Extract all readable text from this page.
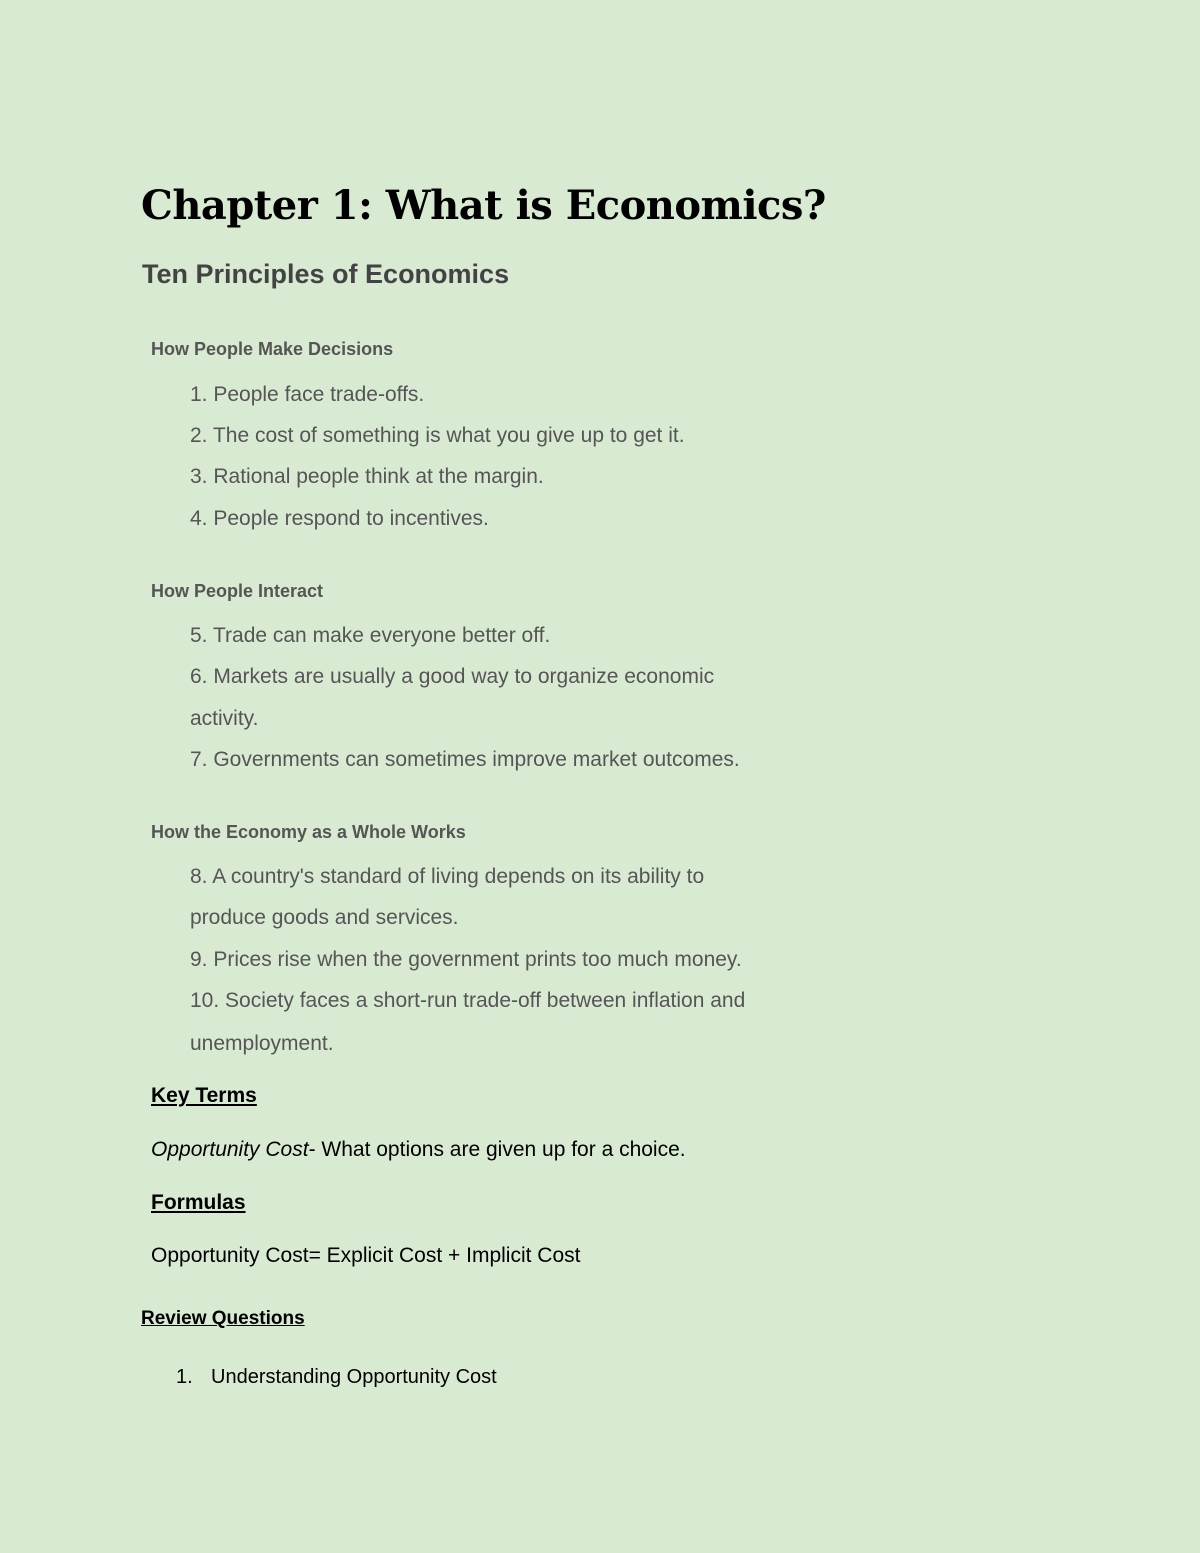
Chapter 1: What is Economics?
Ten Principles of Economics
How People Make Decisions
1. People face trade-offs.
2. The cost of something is what you give up to get it.
3. Rational people think at the margin.
4. People respond to incentives.
How People Interact
5. Trade can make everyone better off.
6. Markets are usually a good way to organize economic
activity.
7. Governments can sometimes improve market outcomes.
How the Economy as a Whole Works
8. A country's standard of living depends on its ability to
produce goods and services.
9. Prices rise when the government prints too much money.
10. Society faces a short-run trade-off between inflation and
unemployment.
Key Terms
Opportunity Cost- What options are given up for a choice.
Formulas
Opportunity Cost= Explicit Cost + Implicit Cost
Review Questions
1. Understanding Opportunity Cost
